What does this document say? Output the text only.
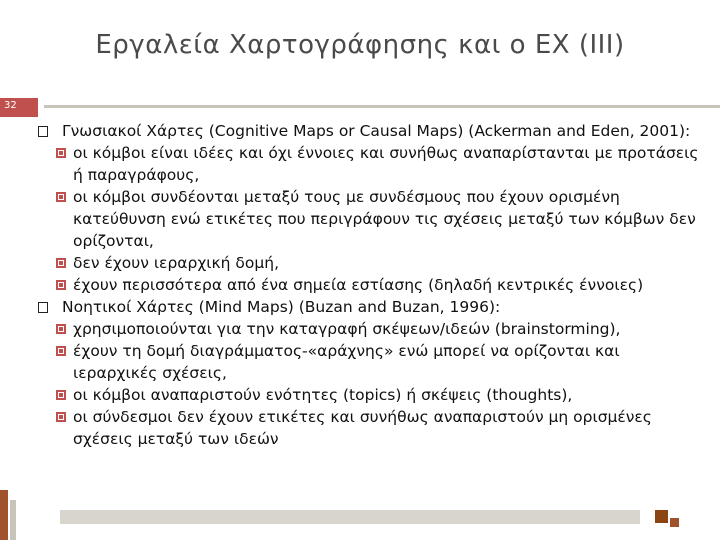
Εργαλεία Χαρτογράφησης και ο ΕΧ (ΙΙΙ)
32
Γνωσιακοί Χάρτες (Cognitive Maps or Causal Maps) (Ackerman and Eden, 2001):
οι κόμβοι είναι ιδέες και όχι έννοιες και συνήθως αναπαρίστανται με προτάσεις ή παραγράφους,
οι κόμβοι συνδέονται μεταξύ τους με συνδέσμους που έχουν ορισμένη κατεύθυνση ενώ ετικέτες που περιγράφουν τις σχέσεις μεταξύ των κόμβων δεν ορίζονται,
δεν έχουν ιεραρχική δομή,
έχουν περισσότερα από ένα σημεία εστίασης (δηλαδή κεντρικές έννοιες)
Νοητικοί Χάρτες (Mind Maps) (Buzan and Buzan, 1996):
χρησιμοποιούνται για την καταγραφή σκέψεων/ιδεών (brainstorming),
έχουν τη δομή διαγράμματος-«αράχνης» ενώ μπορεί να ορίζονται και ιεραρχικές σχέσεις,
οι κόμβοι αναπαριστούν ενότητες (topics) ή σκέψεις (thoughts),
οι σύνδεσμοι δεν έχουν ετικέτες και συνήθως αναπαριστούν μη ορισμένες σχέσεις μεταξύ των ιδεών
